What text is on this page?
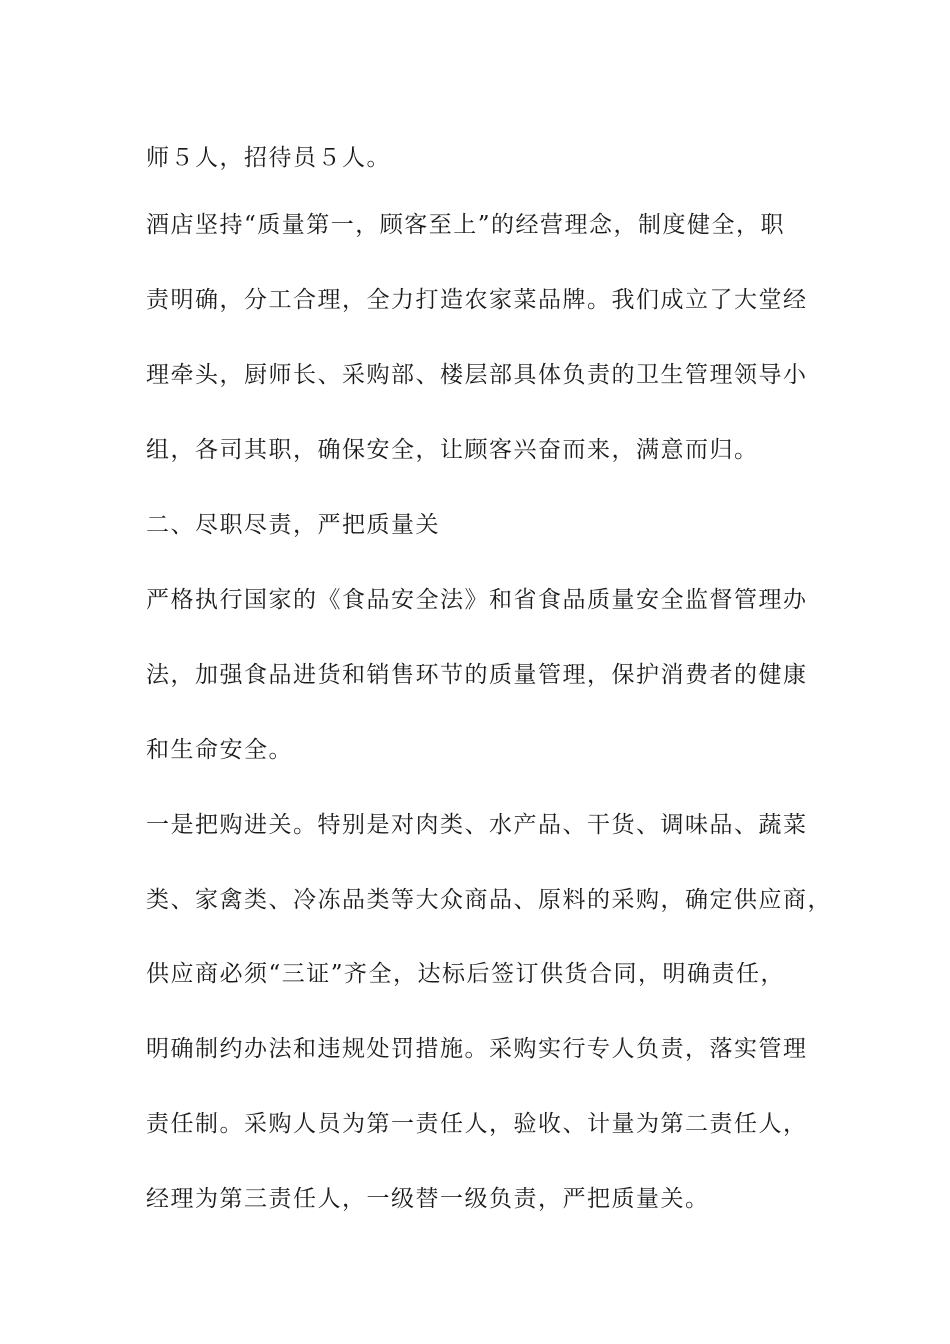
师５人，招待员５人。

酒店坚持“质量第一，顾客至上”的经营理念，制度健全，职

责明确，分工合理，全力打造农家菜品牌。我们成立了大堂经

理牵头，厨师长、采购部、楼层部具体负责的卫生管理领导小

组，各司其职，确保安全，让顾客兴奋而来，满意而归。

二、尽职尽责，严把质量关

严格执行国家的《食品安全法》和省食品质量安全监督管理办

法，加强食品进货和销售环节的质量管理，保护消费者的健康

和生命安全。

一是把购进关。特别是对肉类、水产品、干货、调味品、蔬菜

类、家禽类、冷冻品类等大众商品、原料的采购，确定供应商，

供应商必须“三证”齐全，达标后签订供货合同，明确责任，

明确制约办法和违规处罚措施。采购实行专人负责，落实管理

责任制。采购人员为第一责任人，验收、计量为第二责任人，

经理为第三责任人，一级替一级负责，严把质量关。
